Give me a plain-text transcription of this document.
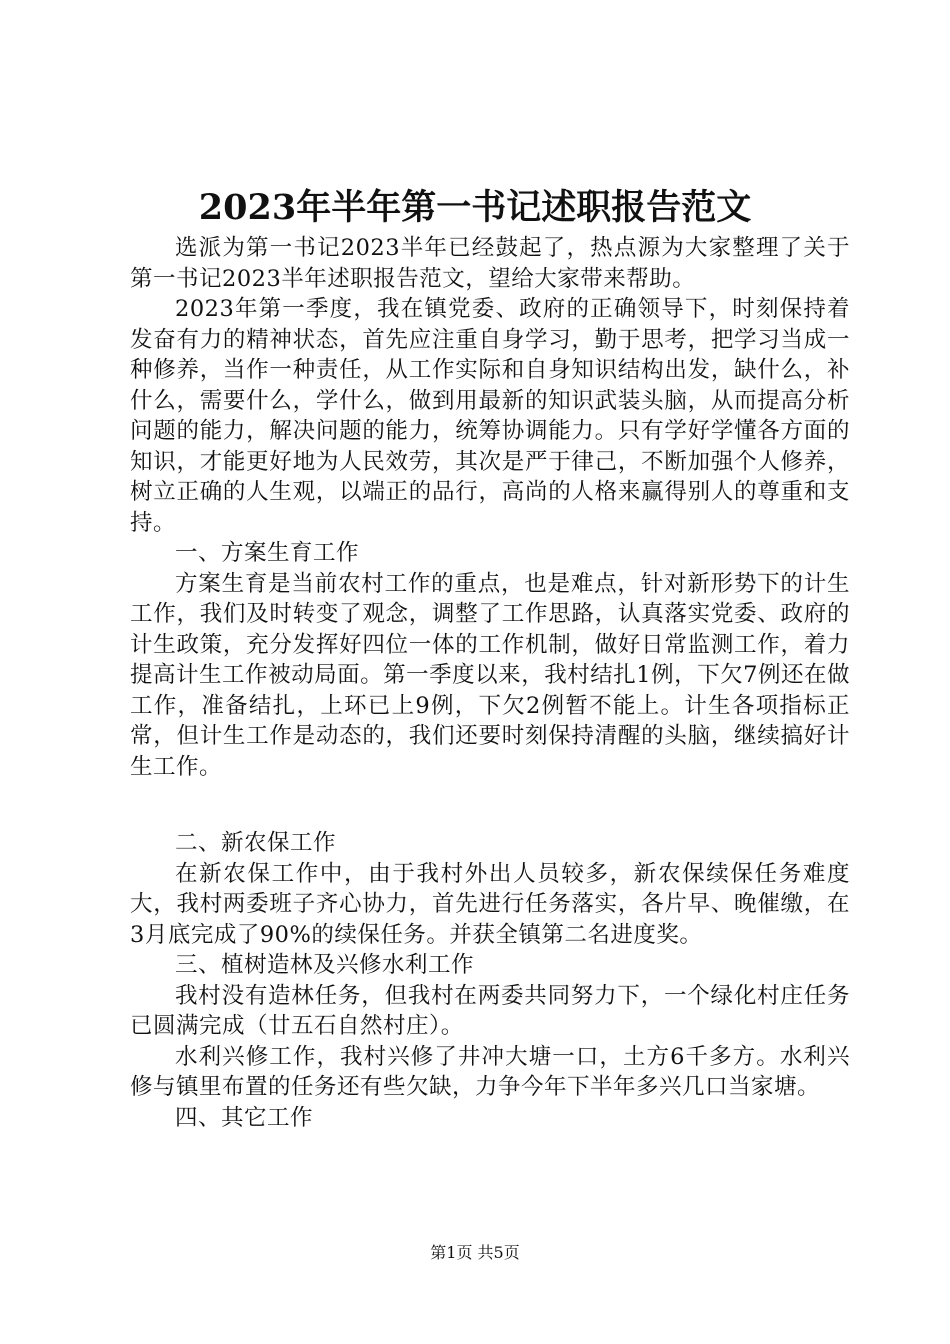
2023年半年第一书记述职报告范文

选派为第一书记2023半年已经鼓起了，热点源为大家整理了关于第一书记2023半年述职报告范文，望给大家带来帮助。

2023年第一季度，我在镇党委、政府的正确领导下，时刻保持着发奋有力的精神状态，首先应注重自身学习，勤于思考，把学习当成一种修养，当作一种责任，从工作实际和自身知识结构出发，缺什么，补什么，需要什么，学什么，做到用最新的知识武装头脑，从而提高分析问题的能力，解决问题的能力，统筹协调能力。只有学好学懂各方面的知识，才能更好地为人民效劳，其次是严于律己，不断加强个人修养，树立正确的人生观，以端正的品行，高尚的人格来赢得别人的尊重和支持。

一、方案生育工作

方案生育是当前农村工作的重点，也是难点，针对新形势下的计生工作，我们及时转变了观念，调整了工作思路，认真落实党委、政府的计生政策，充分发挥好四位一体的工作机制，做好日常监测工作，着力提高计生工作被动局面。第一季度以来，我村结扎1例，下欠7例还在做工作，准备结扎，上环已上9例，下欠2例暂不能上。计生各项指标正常，但计生工作是动态的，我们还要时刻保持清醒的头脑，继续搞好计生工作。

二、新农保工作

在新农保工作中，由于我村外出人员较多，新农保续保任务难度大，我村两委班子齐心协力，首先进行任务落实，各片早、晚催缴，在3月底完成了90%的续保任务。并获全镇第二名进度奖。

三、植树造林及兴修水利工作

我村没有造林任务，但我村在两委共同努力下，一个绿化村庄任务已圆满完成（廿五石自然村庄）。

水利兴修工作，我村兴修了井冲大塘一口，土方6千多方。水利兴修与镇里布置的任务还有些欠缺，力争今年下半年多兴几口当家塘。

四、其它工作

第1页 共5页
